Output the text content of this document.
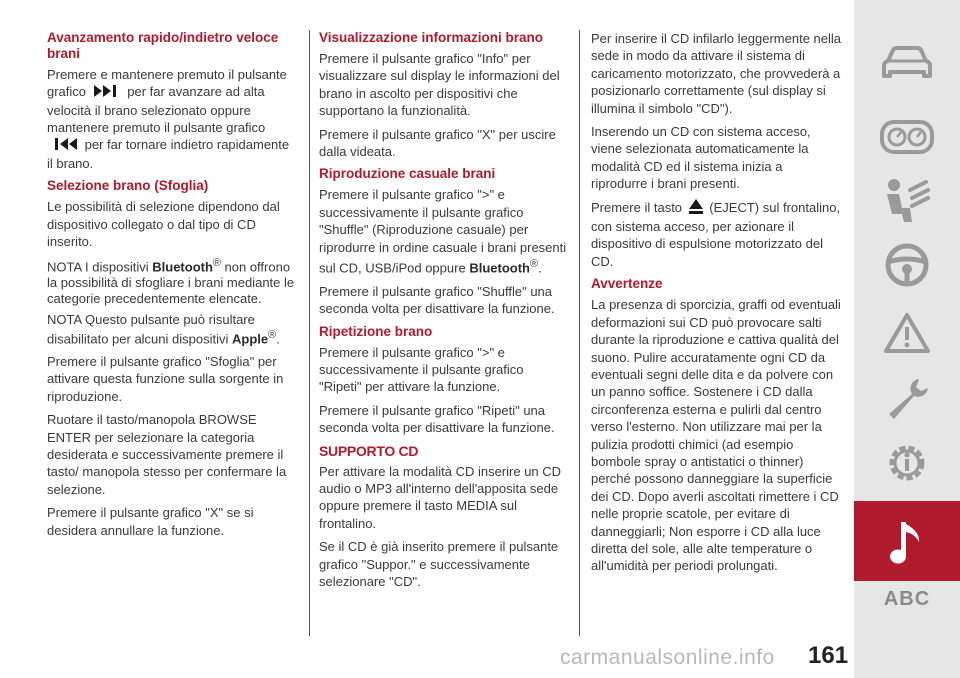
Avanzamento rapido/indietro veloce brani

Premere e mantenere premuto il pulsante grafico	per far avanzare ad alta velocità il brano selezionato oppure mantenere premuto il pulsante grafico  per far tornare indietro rapidamente il brano.

Selezione brano (Sfoglia)

Le possibilità di selezione dipendono dal dispositivo collegato o dal tipo di CD inserito.

NOTA I dispositivi Bluetooth® non offrono la possibilità di sfogliare i brani mediante le categorie precedentemente elencate.

NOTA Questo pulsante può risultare disabilitato per alcuni dispositivi Apple®.

Premere il pulsante grafico "Sfoglia" per attivare questa funzione sulla sorgente in riproduzione.

Ruotare il tasto/manopola BROWSE ENTER per selezionare la categoria desiderata e successivamente premere il tasto/ manopola stesso per confermare la selezione.

Premere il pulsante grafico "X" se si desidera annullare la funzione.

Visualizzazione informazioni brano

Premere il pulsante grafico "Info" per visualizzare sul display le informazioni del brano in ascolto per dispositivi che supportano la funzionalità.

Premere il pulsante grafico "X" per uscire dalla videata.

Riproduzione casuale brani

Premere il pulsante grafico ">" e successivamente il pulsante grafico "Shuffle" (Riproduzione casuale) per riprodurre in ordine casuale i brani presenti sul CD, USB/iPod oppure Bluetooth®.

Premere il pulsante grafico "Shuffle" una seconda volta per disattivare la funzione.

Ripetizione brano

Premere il pulsante grafico ">" e successivamente il pulsante grafico "Ripeti" per attivare la funzione.

Premere il pulsante grafico "Ripeti" una seconda volta per disattivare la funzione.

SUPPORTO CD

Per attivare la modalità CD inserire un CD audio o MP3 all'interno dell'apposita sede oppure premere il tasto MEDIA sul frontalino.

Se il CD è già inserito premere il pulsante grafico "Suppor." e successivamente selezionare "CD".

Per inserire il CD infilarlo leggermente nella sede in modo da attivare il sistema di caricamento motorizzato, che provvederà a posizionarlo correttamente (sul display si illumina il simbolo "CD").

Inserendo un CD con sistema acceso, viene selezionata automaticamente la modalità CD ed il sistema inizia a riprodurre i brani presenti.

Premere il tasto (EJECT) sul frontalino, con sistema acceso, per azionare il dispositivo di espulsione motorizzato del CD.

Avvertenze

La presenza di sporcizia, graffi od eventuali deformazioni sui CD può provocare salti durante la riproduzione e cattiva qualità del suono. Pulire accuratamente ogni CD da eventuali segni delle dita e da polvere con un panno soffice. Sostenere i CD dalla circonferenza esterna e pulirli dal centro verso l'esterno. Non utilizzare mai per la pulizia prodotti chimici (ad esempio bombole spray o antistatici o thinner) perché possono danneggiare la superficie dei CD. Dopo averli ascoltati rimettere i CD nelle proprie scatole, per evitare di danneggiarli; Non esporre i CD alla luce diretta del sole, alle alte temperature o all'umidità per periodi prolungati.

ABC
carmanualsonline.info 161
